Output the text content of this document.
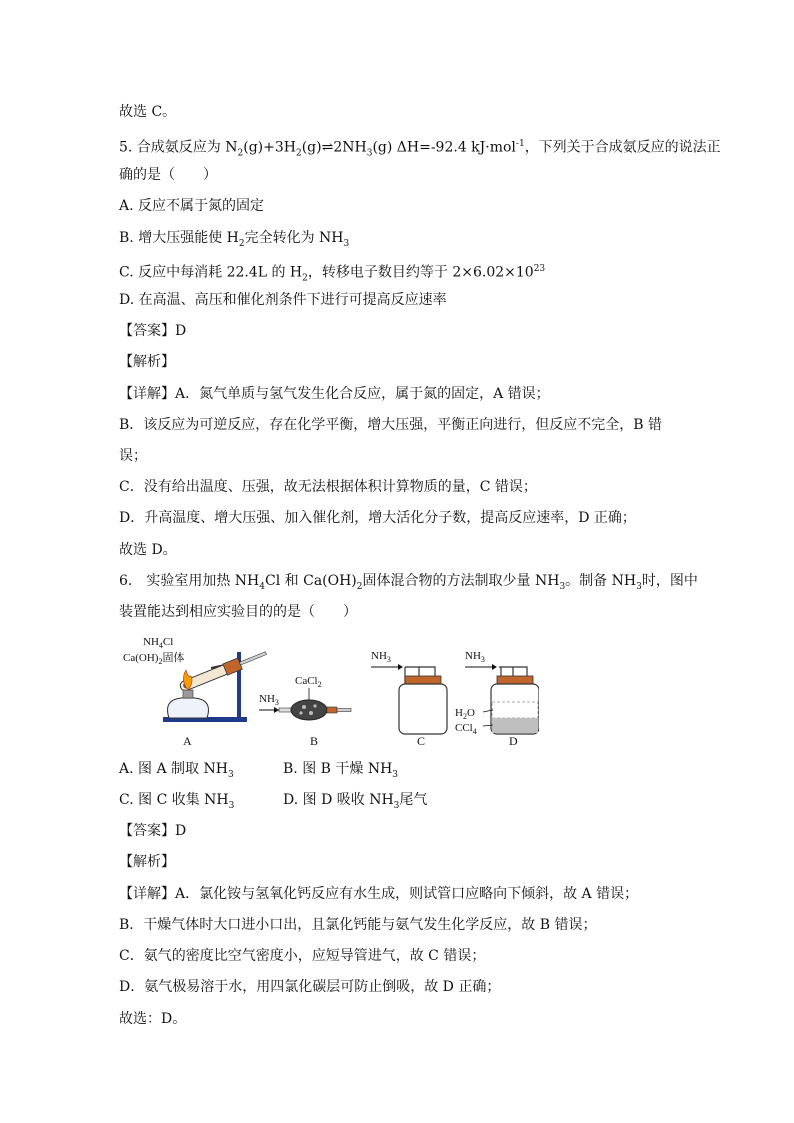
故选 C。
5. 合成氨反应为 $N_2(g)+3H_2(g)\rightleftharpoons 2NH_3(g)$ ΔH=-92.4 kJ·mol$^{-1}$，下列关于合成氨反应的说法正
确的是（　　）
A. 反应不属于氮的固定
B. 增大压强能使 $H_2$完全转化为 $NH_3$
C. 反应中每消耗 22.4L 的 $H_2$，转移电子数目约等于 $2\times 6.02\times 10^{23}$
D. 在高温、高压和催化剂条件下进行可提高反应速率
【答案】D
【解析】
【详解】A．氮气单质与氢气发生化合反应，属于氮的固定，A 错误；
B．该反应为可逆反应，存在化学平衡，增大压强，平衡正向进行，但反应不完全，B 错
误；
C．没有给出温度、压强，故无法根据体积计算物质的量，C 错误；
D．升高温度、增大压强、加入催化剂，增大活化分子数，提高反应速率，D 正确；
故选 D。
6.　实验室用加热 $NH_4Cl$ 和 $Ca(OH)_2$固体混合物的方法制取少量 $NH_3$。制备 $NH_3$时，图中
装置能达到相应实验目的的是（　　）
$NH_4Cl$
$Ca(OH)_2$固体
A
$NH_3$
CaCl$_2$
B
$NH_3$
C
$NH_3$
$H_2O$
CCl$_4$
D
A. 图 A 制取 $NH_3$	B. 图 B 干燥 $NH_3$
C. 图 C 收集 $NH_3$	D. 图 D 吸收 $NH_3$尾气
【答案】D
【解析】
【详解】A．氯化铵与氢氧化钙反应有水生成，则试管口应略向下倾斜，故 A 错误；
B．干燥气体时大口进小口出，且氯化钙能与氨气发生化学反应，故 B 错误；
C．氨气的密度比空气密度小，应短导管进气，故 C 错误；
D．氨气极易溶于水，用四氯化碳层可防止倒吸，故 D 正确；
故选：D。
